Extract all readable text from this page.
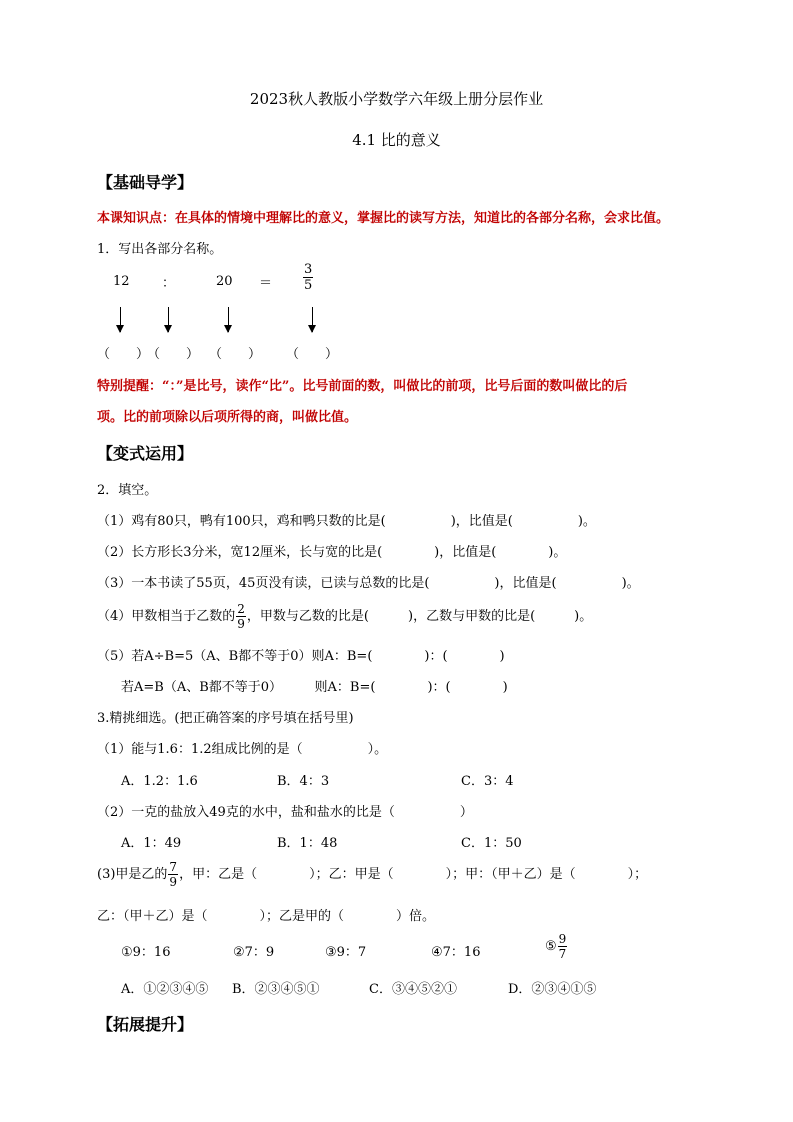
2023秋人教版小学数学六年级上册分层作业
4.1 比的意义
【基础导学】
本课知识点：在具体的情境中理解比的意义，掌握比的读写方法，知道比的各部分名称，会求比值。
1．写出各部分名称。
12 ：	$20 = \frac{3}{5}$
（　　）
（　　） （　　） （　　）
特别提醒：“：”是比号，读作“比”。比号前面的数，叫做比的前项，比号后面的数叫做比的后
项。比的前项除以后项所得的商，叫做比值。
【变式运用】
2．填空。
（1）鸡有80只，鸭有100只，鸡和鸭只数的比是(　　　　　)，比值是(　　　　　)。
（2）长方形长3分米，宽12厘米，长与宽的比是(　　　　)，比值是(　　　　)。
（3）一本书读了55页，45页没有读，已读与总数的比是(　　　　　)，比值是(　　　　　)。
（4）甲数相当于乙数的 $\frac{2}{9}$ ，甲数与乙数的比是(　　　)，乙数与甲数的比是(　　　)。
（5）若A÷B=5（A、B都不等于0）则A：B=(　　　　)：(　　　　)
若A=B（A、B都不等于0）　　　则A：B=(　　　　)：(　　　　)
3.精挑细选。(把正确答案的序号填在括号里)
（1）能与1.6：1.2组成比例的是（　　　　　）。
A．1.2：1.6	B．4：3	C．3：4
（2）一克的盐放入49克的水中，盐和盐水的比是（　　　　　）
A．1：49	B．1：48	C．1：50
(3)甲是乙的 $\frac{7}{9}$ ，甲：乙是（　　　　）；乙：甲是（　　　　）；甲：（甲＋乙）是（　　　　）；
乙：（甲＋乙）是（　　　　）；乙是甲的（　　　　）倍。
①9：16	②7：9	③9：7	④7：16	⑤ $\frac{9}{7}$
A．①②③④⑤ B．②③④⑤①	C．③④⑤②①	D．②③④①⑤
【拓展提升】
